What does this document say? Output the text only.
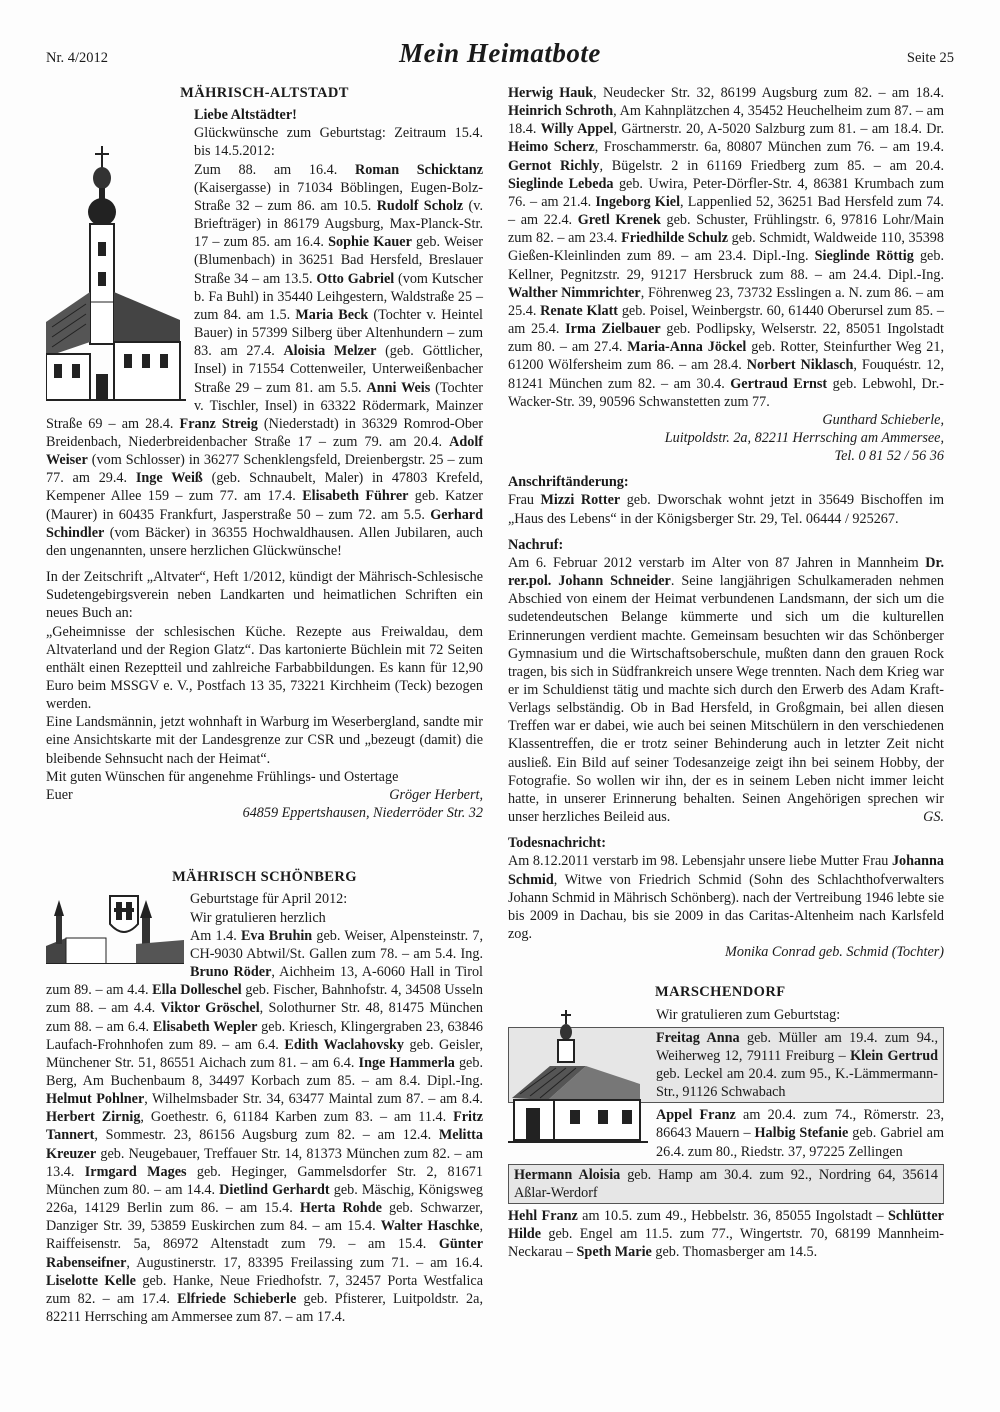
Nr. 4/2012	Mein Heimatbote	Seite 25
MÄHRISCH-ALTSTADT

Liebe Altstädter!

Glückwünsche zum Geburtstag: Zeitraum 15.4. bis 14.5.2012:

Zum 88. am 16.4. Roman Schicktanz (Kaisergasse) in 71034 Böblingen, Eugen-Bolz-Straße 32 – zum 86. am 10.5. Rudolf Scholz (v. Briefträger) in 86179 Augsburg, Max-Planck-Str. 17 – zum 85. am 16.4. Sophie Kauer geb. Weiser (Blumenbach) in 36251 Bad Hersfeld, Breslauer Straße 34 – am 13.5. Otto Gabriel (vom Kutscher b. Fa Buhl) in 35440 Leihgestern, Waldstraße 25 – zum 84. am 1.5. Maria Beck (Tochter v. Heintel Bauer) in 57399 Silberg über Altenhundern – zum 83. am 27.4. Aloisia Melzer (geb. Göttlicher, Insel) in 71554 Cottenweiler, Unterweißenbacher Straße 29 – zum 81. am 5.5. Anni Weis (Tochter v. Tischler, Insel) in 63322 Rödermark, Mainzer Straße 69 – am 28.4. Franz Streig (Niederstadt) in 36329 Romrod-Ober Breidenbach, Niederbreidenbacher Straße 17 – zum 79. am 20.4. Adolf Weiser (vom Schlosser) in 36277 Schenklengsfeld, Dreienbergstr. 25 – zum 77. am 29.4. Inge Weiß (geb. Schnaubelt, Maler) in 47803 Krefeld, Kempener Allee 159 – zum 77. am 17.4. Elisabeth Führer geb. Katzer (Maurer) in 60435 Frankfurt, Jasperstraße 50 – zum 72. am 5.5. Gerhard Schindler (vom Bäcker) in 36355 Hochwaldhausen. Allen Jubilaren, auch den ungenannten, unsere herzlichen Glückwünsche!

In der Zeitschrift „Altvater“, Heft 1/2012, kündigt der Mährisch-Schlesische Sudetengebirgsverein neben Landkarten und heimatlichen Schriften ein neues Buch an:

„Geheimnisse der schlesischen Küche. Rezepte aus Freiwaldau, dem Altvaterland und der Region Glatz“. Das kartonierte Büchlein mit 72 Seiten enthält einen Rezeptteil und zahlreiche Farbabbildungen. Es kann für 12,90 Euro beim MSSGV e. V., Postfach 13 35, 73221 Kirchheim (Teck) bezogen werden.

Eine Landsmännin, jetzt wohnhaft in Warburg im Weserbergland, sandte mir eine Ansichtskarte mit der Landesgrenze zur CSR und „bezeugt (damit) die bleibende Sehnsucht nach der Heimat“.

Mit guten Wünschen für angenehme Frühlings- und Ostertage

Euer	Gröger Herbert,

64859 Eppertshausen, Niederröder Str. 32

MÄHRISCH SCHÖNBERG

Geburtstage für April 2012:

Wir gratulieren herzlich

Am 1.4. Eva Bruhin geb. Weiser, Alpensteinstr. 7, CH-9030 Abtwil/St. Gallen zum 78. – am 5.4. Ing. Bruno Röder, Aichheim 13, A-6060 Hall in Tirol zum 89. – am 4.4. Ella Dolleschel geb. Fischer, Bahnhofstr. 4, 34508 Usseln zum 88. – am 4.4. Viktor Gröschel, Solothurner Str. 48, 81475 München zum 88. – am 6.4. Elisabeth Wepler geb. Kriesch, Klingergraben 23, 63846 Laufach-Frohnhofen zum 89. – am 6.4. Edith Waclahovsky geb. Geisler, Münchener Str. 51, 86551 Aichach zum 81. – am 6.4. Inge Hammerla geb. Berg, Am Buchenbaum 8, 34497 Korbach zum 85. – am 8.4. Dipl.-Ing. Helmut Pohlner, Wilhelmsbader Str. 34, 63477 Maintal zum 87. – am 8.4. Herbert Zirnig, Goethestr. 6, 61184 Karben zum 83. – am 11.4. Fritz Tannert, Sommestr. 23, 86156 Augsburg zum 82. – am 12.4. Melitta Kreuzer geb. Neugebauer, Treffauer Str. 14, 81373 München zum 82. – am 13.4. Irmgard Mages geb. Heginger, Gammelsdorfer Str. 2, 81671 München zum 80. – am 14.4. Dietlind Gerhardt geb. Mäschig, Königsweg 226a, 14129 Berlin zum 86. – am 15.4. Herta Rohde geb. Schwarzer, Danziger Str. 39, 53859 Euskirchen zum 84. – am 15.4. Walter Haschke, Raiffeisenstr. 5a, 86972 Altenstadt zum 79. – am 15.4. Günter Rabenseifner, Augustinerstr. 17, 83395 Freilassing zum 71. – am 16.4. Liselotte Kelle geb. Hanke, Neue Friedhofstr. 7, 32457 Porta Westfalica zum 82. – am 17.4. Elfriede Schieberle geb. Pfisterer, Luitpoldstr. 2a, 82211 Herrsching am Ammersee zum 87. – am 17.4.

Herwig Hauk, Neudecker Str. 32, 86199 Augsburg zum 82. – am 18.4. Heinrich Schroth, Am Kahnplätzchen 4, 35452 Heuchelheim zum 87. – am 18.4. Willy Appel, Gärtnerstr. 20, A-5020 Salzburg zum 81. – am 18.4. Dr. Heimo Scherz, Froschammerstr. 6a, 80807 München zum 76. – am 19.4. Gernot Richly, Bügelstr. 2 in 61169 Friedberg zum 85. – am 20.4. Sieglinde Lebeda geb. Uwira, Peter-Dörfler-Str. 4, 86381 Krumbach zum 76. – am 21.4. Ingeborg Kiel, Lappenlied 52, 36251 Bad Hersfeld zum 74. – am 22.4. Gretl Krenek geb. Schuster, Frühlingstr. 6, 97816 Lohr/Main zum 82. – am 23.4. Friedhilde Schulz geb. Schmidt, Waldweide 110, 35398 Gießen-Kleinlinden zum 89. – am 23.4. Dipl.-Ing. Sieglinde Röttig geb. Kellner, Pegnitzstr. 29, 91217 Hersbruck zum 88. – am 24.4. Dipl.-Ing. Walther Nimmrichter, Föhrenweg 23, 73732 Esslingen a. N. zum 86. – am 25.4. Renate Klatt geb. Poisel, Weinbergstr. 60, 61440 Oberursel zum 85. – am 25.4. Irma Zielbauer geb. Podlipsky, Welserstr. 22, 85051 Ingolstadt zum 80. – am 27.4. Maria-Anna Jöckel geb. Rotter, Steinfurther Weg 21, 61200 Wölfersheim zum 86. – am 28.4. Norbert Niklasch, Fouquéstr. 12, 81241 München zum 82. – am 30.4. Gertraud Ernst geb. Lebwohl, Dr.-Wacker-Str. 39, 90596 Schwanstetten zum 77.

Gunthard Schieberle,

Luitpoldstr. 2a, 82211 Herrsching am Ammersee,

Tel. 0 81 52 / 56 36

Anschriftänderung:

Frau Mizzi Rotter geb. Dworschak wohnt jetzt in 35649 Bischoffen im „Haus des Lebens“ in der Königsberger Str. 29, Tel. 06444 / 925267.

Nachruf:

Am 6. Februar 2012 verstarb im Alter von 87 Jahren in Mannheim Dr. rer.pol. Johann Schneider. Seine langjährigen Schulkameraden nehmen Abschied von einem der Heimat verbundenen Landsmann, der sich um die sudetendeutschen Belange kümmerte und sich um die kulturellen Erinnerungen verdient machte. Gemeinsam besuchten wir das Schönberger Gymnasium und die Wirtschaftsoberschule, mußten dann den grauen Rock tragen, bis sich in Südfrankreich unsere Wege trennten. Nach dem Krieg war er im Schuldienst tätig und machte sich durch den Erwerb des Adam Kraft-Verlags selbständig. Ob in Bad Hersfeld, in Großgmain, bei allen diesen Treffen war er dabei, wie auch bei seinen Mitschülern in den verschiedenen Klassentreffen, die er trotz seiner Behinderung auch in letzter Zeit nicht ausließ. Ein Bild auf seiner Todesanzeige zeigt ihn bei seinem Hobby, der Fotografie. So wollen wir ihn, der es in seinem Leben nicht immer leicht hatte, in unserer Erinnerung behalten. Seinen Angehörigen sprechen wir unser herzliches Beileid aus.	GS.

Todesnachricht:

Am 8.12.2011 verstarb im 98. Lebensjahr unsere liebe Mutter Frau Johanna Schmid, Witwe von Friedrich Schmid (Sohn des Schlachthofverwalters Johann Schmid in Mährisch Schönberg). nach der Vertreibung 1946 lebte sie bis 2009 in Dachau, bis sie 2009 in das Caritas-Altenheim nach Karlsfeld zog.

Monika Conrad geb. Schmid (Tochter)

MARSCHENDORF

Wir gratulieren zum Geburtstag:

Freitag Anna geb. Müller am 19.4. zum 94., Weiherweg 12, 79111 Freiburg – Klein Gertrud geb. Leckel am 20.4. zum 95., K.-Lämmermann-Str., 91126 Schwabach

Appel Franz am 20.4. zum 74., Römerstr. 23, 86643 Mauern – Halbig Stefanie geb. Gabriel am 26.4. zum 80., Riedstr. 37, 97225 Zellingen

Hermann Aloisia geb. Hamp am 30.4. zum 92., Nordring 64, 35614 Aßlar-Werdorf

Hehl Franz am 10.5. zum 49., Hebbelstr. 36, 85055 Ingolstadt – Schlütter Hilde geb. Engel am 11.5. zum 77., Wingertstr. 70, 68199 Mannheim-Neckarau – Speth Marie geb. Thomasberger am 14.5.
